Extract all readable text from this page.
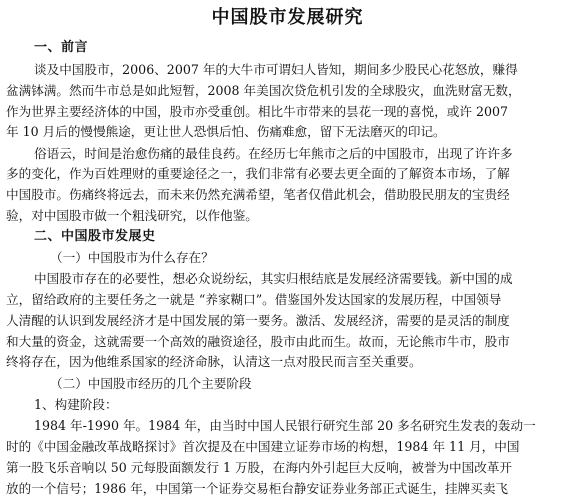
中国股市发展研究
一、前言
谈及中国股市，2006、2007 年的大牛市可谓妇人皆知，期间多少股民心花怒放，赚得
盆满钵满。然而牛市总是如此短暂，2008 年美国次贷危机引发的全球股灾，血洗财富无数，
作为世界主要经济体的中国，股市亦受重创。相比牛市带来的昙花一现的喜悦，或许 2007
年 10 月后的慢慢熊途，更让世人恐惧后怕、伤痛难愈，留下无法磨灭的印记。
俗语云，时间是治愈伤痛的最佳良药。在经历七年熊市之后的中国股市，出现了许许多
多的变化，作为百姓理财的重要途径之一，我们非常有必要去更全面的了解资本市场，了解
中国股市。伤痛终将远去，而未来仍然充满希望，笔者仅借此机会，借助股民朋友的宝贵经
验，对中国股市做一个粗浅研究，以作他鉴。
二、中国股市发展史
（一）中国股市为什么存在？
中国股市存在的必要性，想必众说纷纭，其实归根结底是发展经济需要钱。新中国的成
立，留给政府的主要任务之一就是 “养家糊口”。借鉴国外发达国家的发展历程，中国领导
人清醒的认识到发展经济才是中国发展的第一要务。激活、发展经济，需要的是灵活的制度
和大量的资金，这就需要一个高效的融资途径，股市由此而生。故而，无论熊市牛市，股市
终将存在，因为他维系国家的经济命脉，认清这一点对股民而言至关重要。
（二）中国股市经历的几个主要阶段
1、构建阶段：
1984 年-1990 年。1984 年，由当时中国人民银行研究生部 20 多名研究生发表的轰动一
时的《中国金融改革战略探讨》首次提及在中国建立证券市场的构想，1984 年 11 月，中国
第一股飞乐音响以 50 元每股面额发行 1 万股，在海内外引起巨大反响，被誉为中国改革开
放的一个信号；1986 年，中国第一个证券交易柜台静安证券业务部正式诞生，挂牌买卖飞
